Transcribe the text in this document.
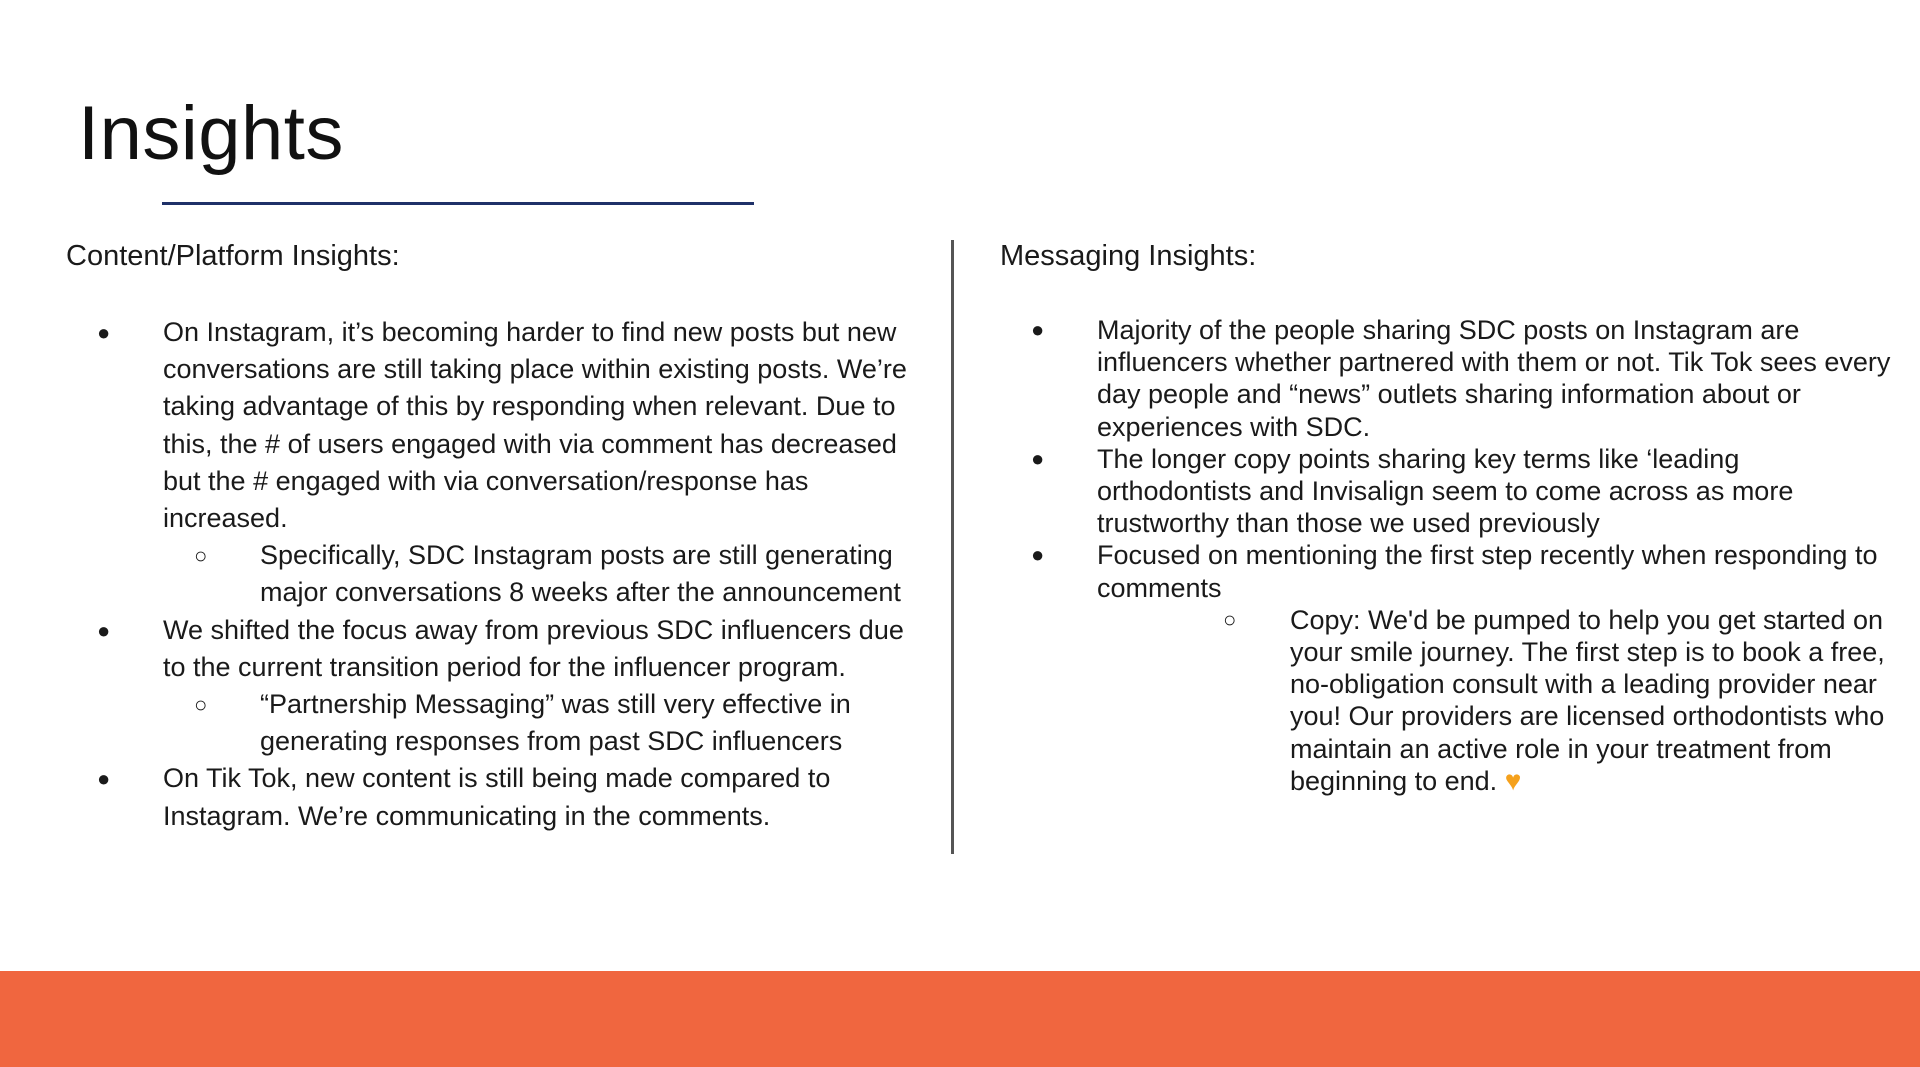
Insights

Content/Platform Insights:

● On Instagram, it’s becoming harder to find new posts but new conversations are still taking place within existing posts. We’re taking advantage of this by responding when relevant. Due to this, the # of users engaged with via comment has decreased but the # engaged with via conversation/response has increased.
○ Specifically, SDC Instagram posts are still generating major conversations 8 weeks after the announcement
● We shifted the focus away from previous SDC influencers due to the current transition period for the influencer program.
○ “Partnership Messaging” was still very effective in generating responses from past SDC influencers
● On Tik Tok, new content is still being made compared to Instagram. We’re communicating in the comments.

Messaging Insights:

● Majority of the people sharing SDC posts on Instagram are influencers whether partnered with them or not. Tik Tok sees every day people and “news” outlets sharing information about or experiences with SDC.
● The longer copy points sharing key terms like ‘leading orthodontists and Invisalign seem to come across as more trustworthy than those we used previously
● Focused on mentioning the first step recently when responding to comments
○ Copy: We'd be pumped to help you get started on your smile journey. The first step is to book a free, no-obligation consult with a leading provider near you! Our providers are licensed orthodontists who maintain an active role in your treatment from beginning to end. ♥
